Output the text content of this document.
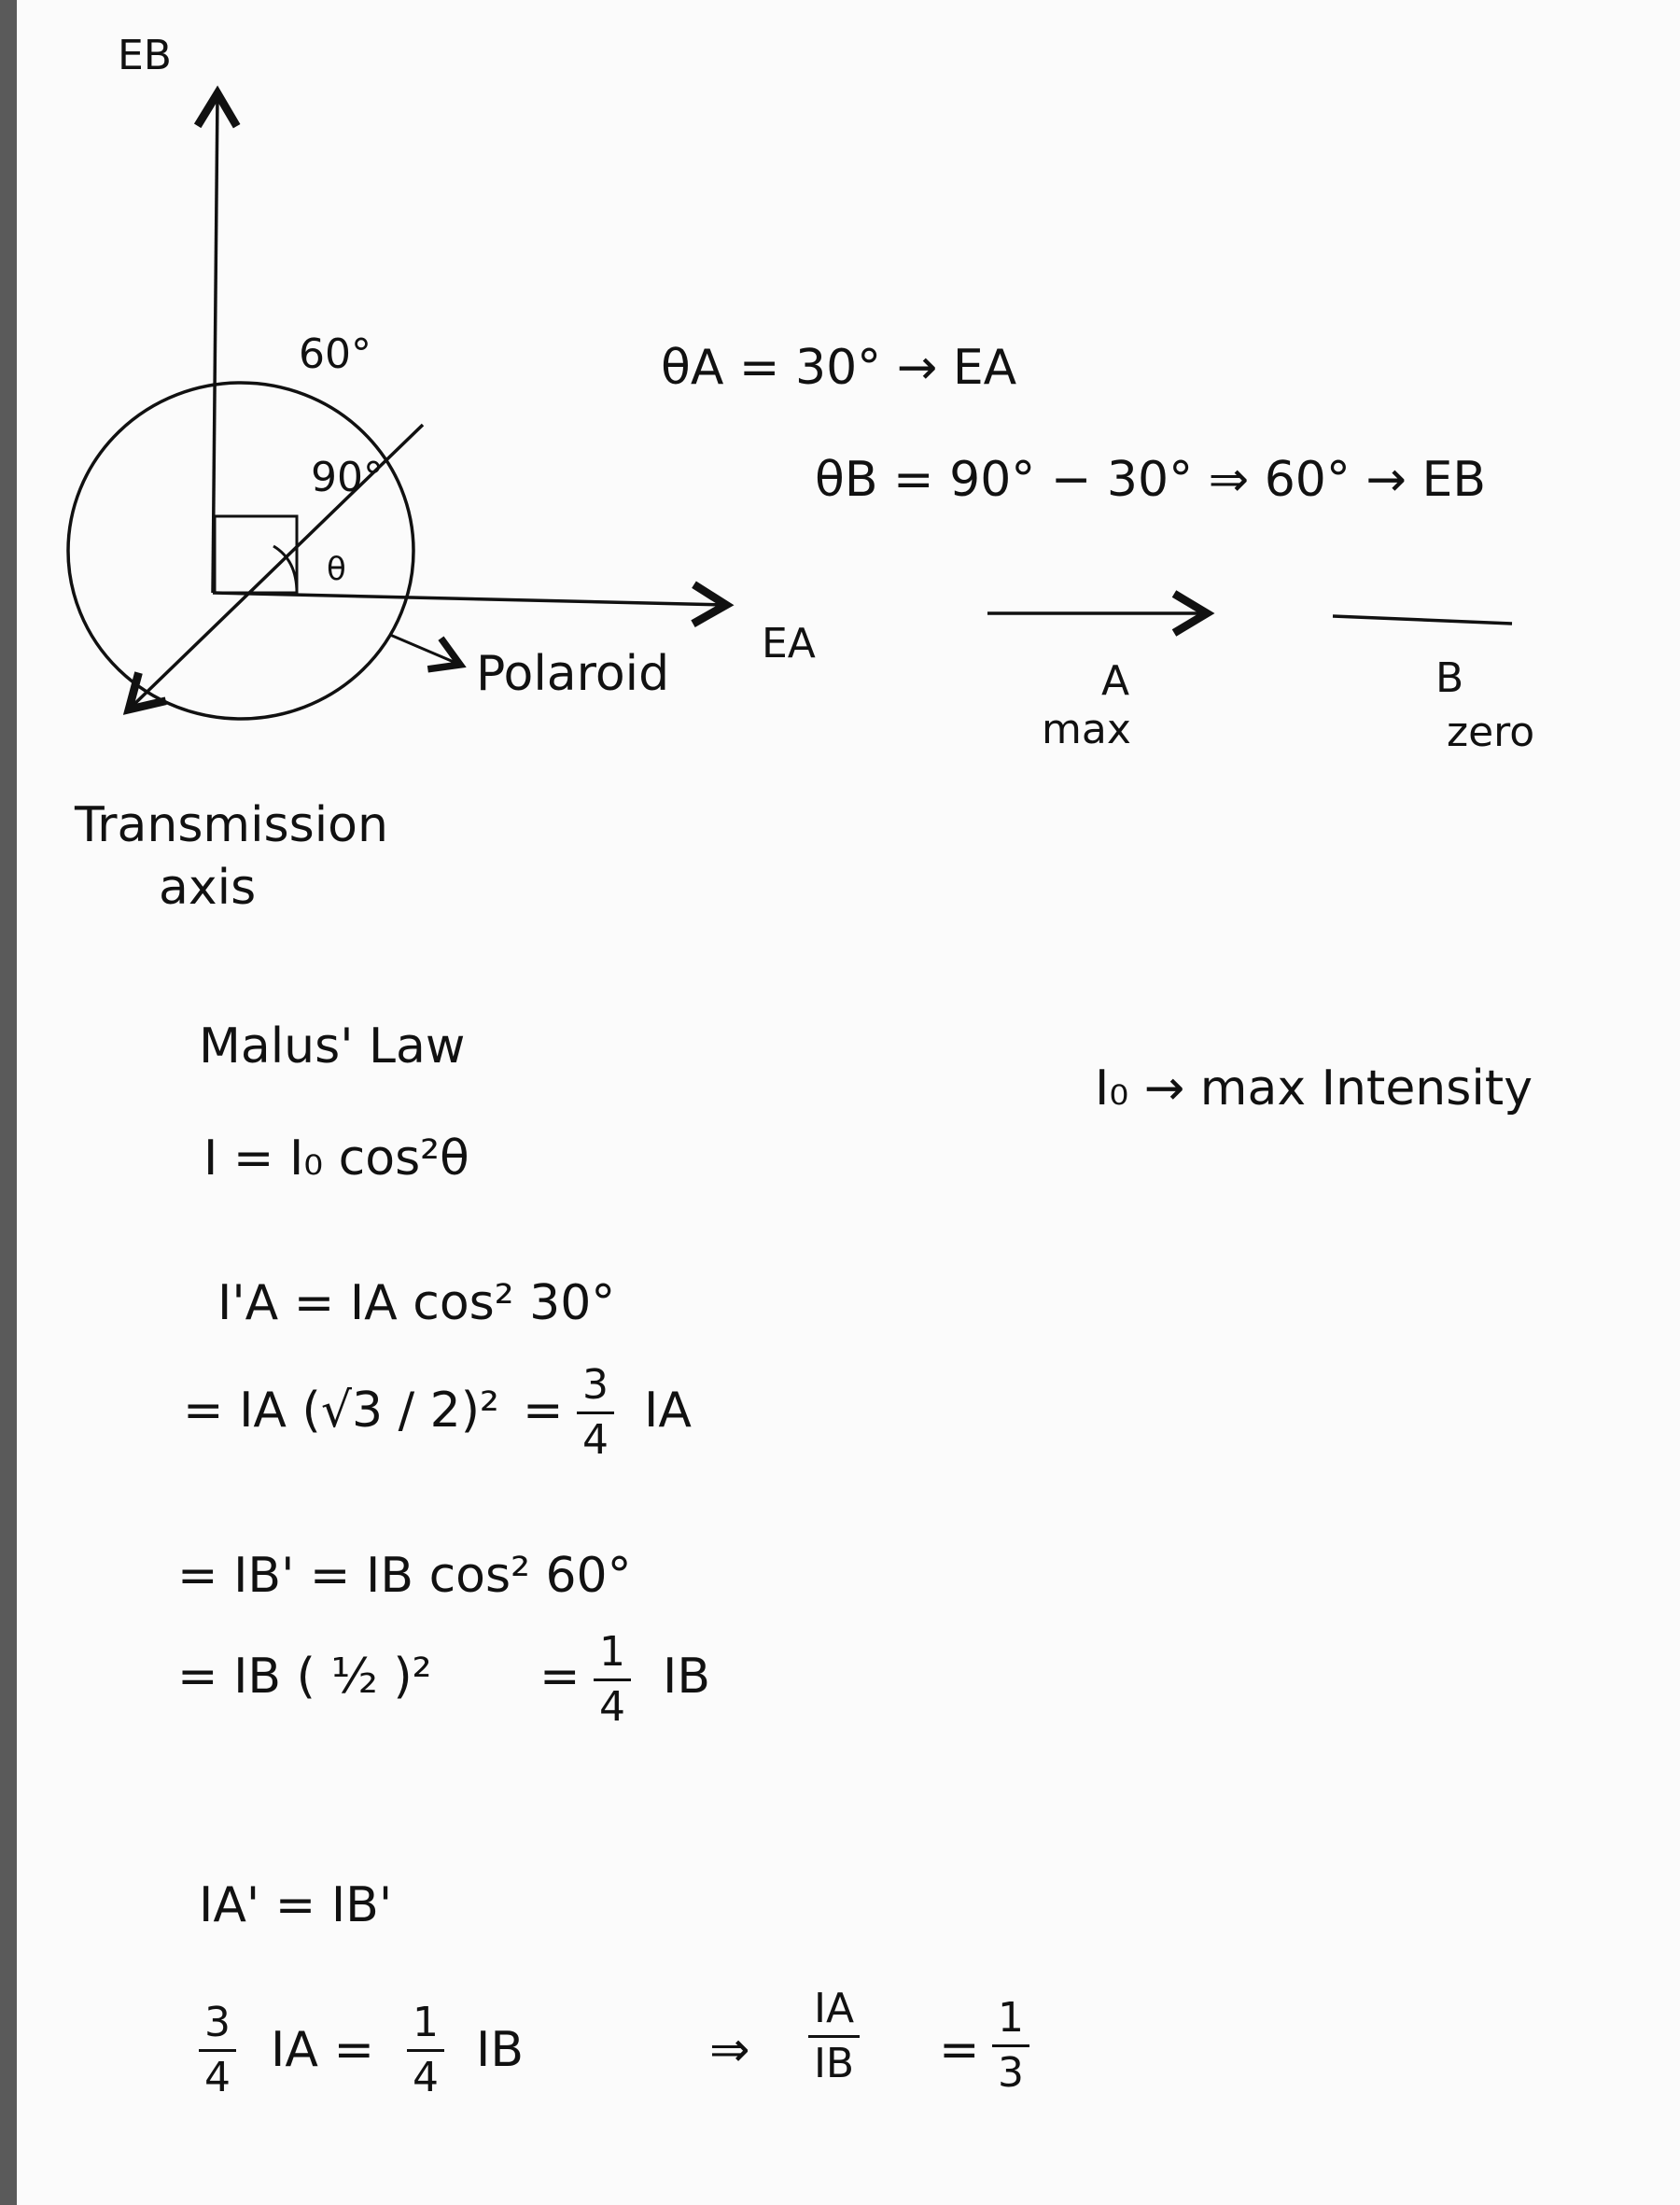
EB
EA
60°
90°
θ
Polaroid
Transmission
axis
θA = 30° → EA
θB = 90° − 30° ⇒ 60° → EB
A
max
B
zero
Malus' Law
I₀ → max Intensity
I = I₀ cos²θ
I'A = IA cos² 30°
= IA $(√3 / 2)^2 = \frac{3}{4}$ IA
= IB' = IB cos² 60°
= IB ( ½ )$^2 = \frac{1}{4}$ IB
IA' = IB'
$\frac{3}{4}$ IA = $\frac{1}{4}$ IB	⇒ $\frac{IA}{IB} = \frac{1}{3}$
